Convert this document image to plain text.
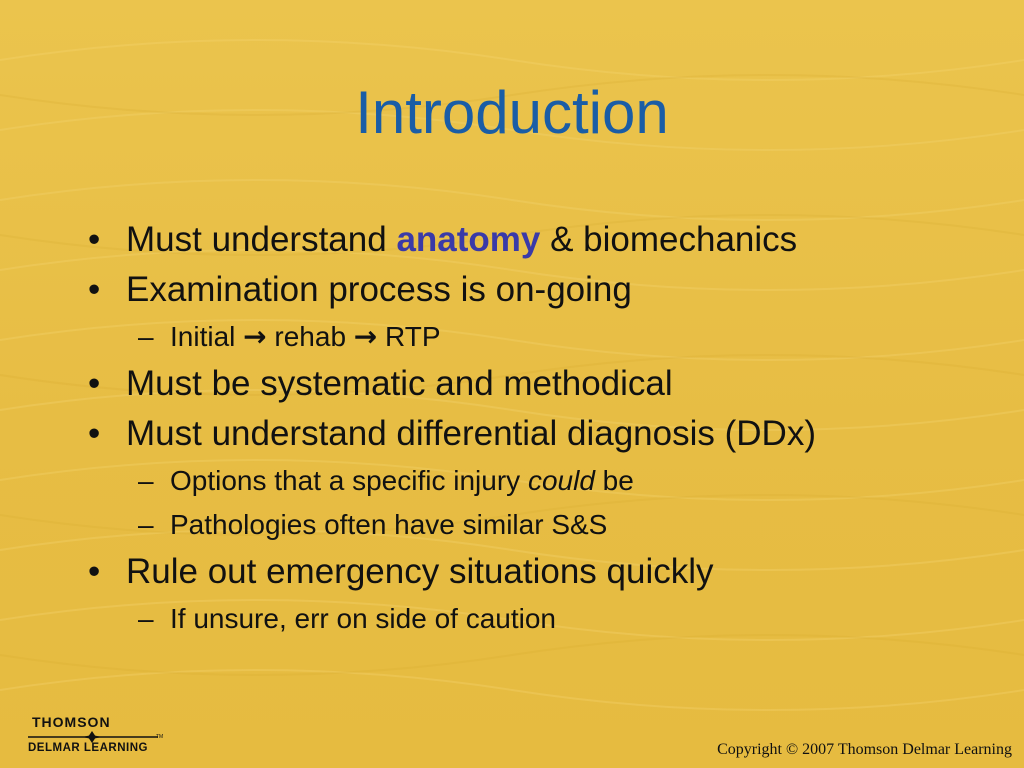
Introduction
• Must understand anatomy & biomechanics
• Examination process is on-going
– Initial → rehab → RTP
• Must be systematic and methodical
• Must understand differential diagnosis (DDx)
– Options that a specific injury could be
– Pathologies often have similar S&S
• Rule out emergency situations quickly
– If unsure, err on side of caution
THOMSON
TM
DELMAR LEARNING	Copyright © 2007 Thomson Delmar Learning
